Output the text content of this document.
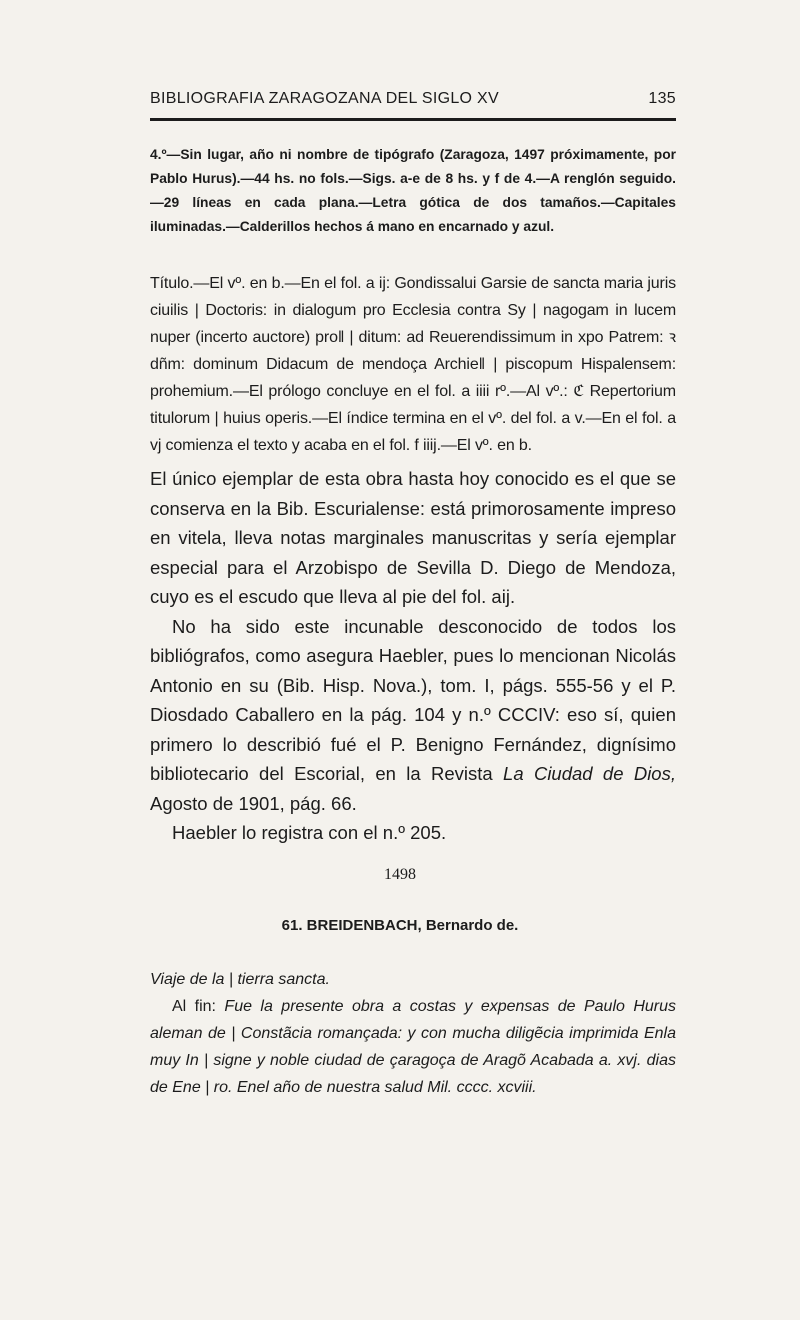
BIBLIOGRAFIA ZARAGOZANA DEL SIGLO XV	135
4.º—Sin lugar, año ni nombre de tipógrafo (Zaragoza, 1497 próximamente, por Pablo Hurus).—44 hs. no fols.—Sigs. a-e de 8 hs. y f de 4.—A renglón seguido.—29 líneas en cada plana.—Letra gótica de dos tamaños.—Capitales iluminadas.—Calderillos hechos á mano en encarnado y azul.
Título.—El vº. en b.—En el fol. a ij: Gondissalui Garsie de sancta maria juris ciuilis | Doctoris: in dialogum pro Ecclesia contra Sy | nagogam in lucem nuper (incerto auctore) pro‖ | ditum: ad Reuerendissimum in xpo Patrem: ꝛ dñm: dominum Didacum de mendoça Archie‖ | piscopum Hispalensem: prohemium.—El prólogo concluye en el fol. a iiii rº.—Al vº.: ℭ Repertorium titulorum | huius operis.—El índice termina en el vº. del fol. a v.—En el fol. a vj comienza el texto y acaba en el fol. f iiij.—El vº. en b.

El único ejemplar de esta obra hasta hoy conocido es el que se conserva en la Bib. Escurialense: está primorosamente impreso en vitela, lleva notas marginales manuscritas y sería ejemplar especial para el Arzobispo de Sevilla D. Diego de Mendoza, cuyo es el escudo que lleva al pie del fol. aij.

No ha sido este incunable desconocido de todos los bibliógrafos, como asegura Haebler, pues lo mencionan Nicolás Antonio en su (Bib. Hisp. Nova.), tom. I, págs. 555-56 y el P. Diosdado Caballero en la pág. 104 y n.º CCCIV: eso sí, quien primero lo describió fué el P. Benigno Fernández, dignísimo bibliotecario del Escorial, en la Revista La Ciudad de Dios, Agosto de 1901, pág. 66.

Haebler lo registra con el n.º 205.

1498
61. BREIDENBACH, Bernardo de.

Viaje de la | tierra sancta.

Al fin: Fue la presente obra a costas y expensas de Paulo Hurus aleman de | Constãcia romançada: y con mucha diligẽcia imprimida Enla muy In | signe y noble ciudad de çaragoça de Aragõ Acabada a. xvj. dias de Ene | ro. Enel año de nuestra salud Mil. cccc. xcviii.
